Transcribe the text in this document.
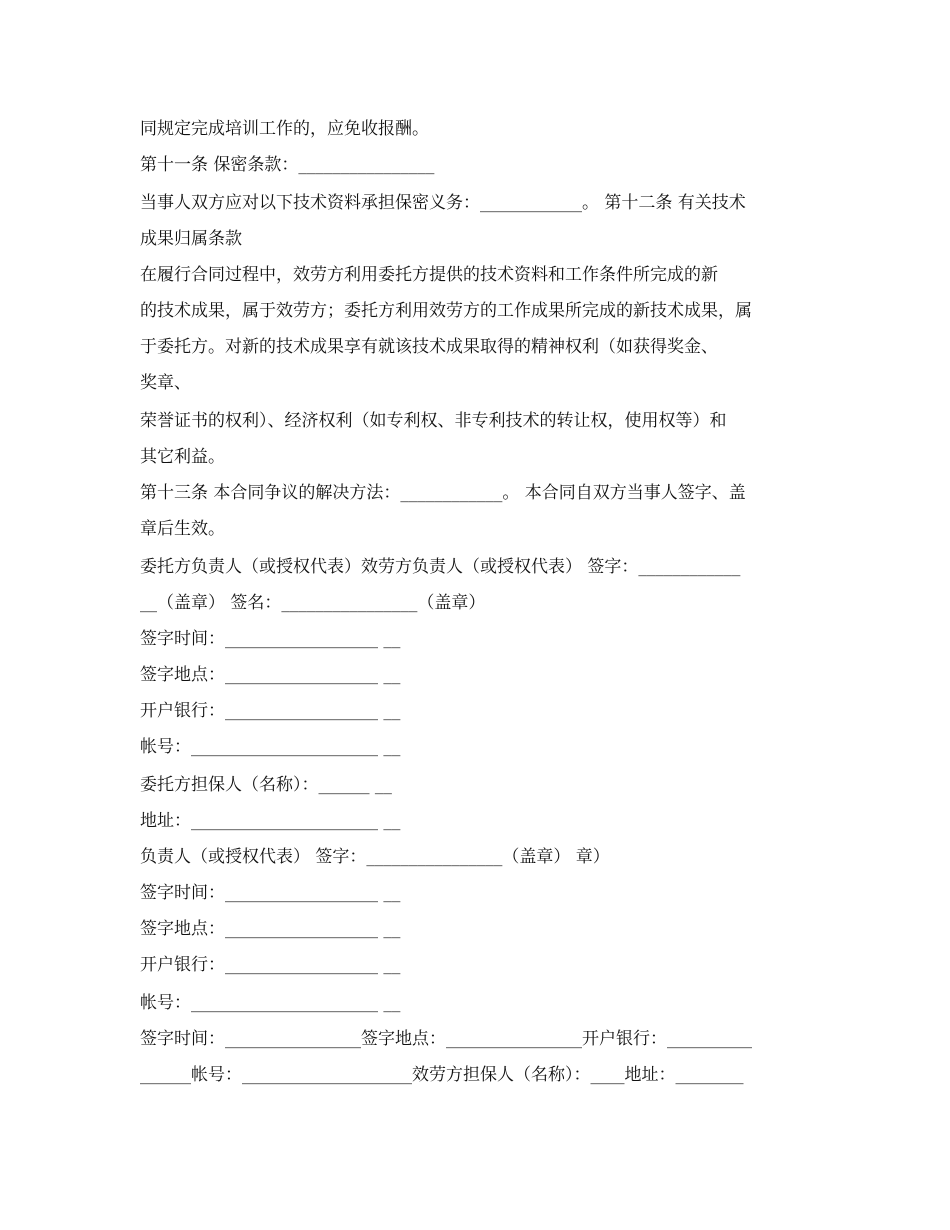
同规定完成培训工作的，应免收报酬。
第十一条 保密条款：________________
当事人双方应对以下技术资料承担保密义务：____________。 第十二条 有关技术
成果归属条款
在履行合同过程中，效劳方利用委托方提供的技术资料和工作条件所完成的新
的技术成果，属于效劳方；委托方利用效劳方的工作成果所完成的新技术成果，属
于委托方。对新的技术成果享有就该技术成果取得的精神权利（如获得奖金、
奖章、
荣誉证书的权利）、经济权利（如专利权、非专利技术的转让权，使用权等）和
其它利益。
第十三条 本合同争议的解决方法：____________。 本合同自双方当事人签字、盖
章后生效。
委托方负责人（或授权代表）效劳方负责人（或授权代表） 签字：____________
__（盖章） 签名：________________（盖章）
签字时间：__________________ __
签字地点：__________________ __
开户银行：__________________ __
帐号：______________________ __
委托方担保人（名称）：______ __
地址：______________________ __
负责人（或授权代表） 签字：________________（盖章） 章）
签字时间：__________________ __
签字地点：__________________ __
开户银行：__________________ __
帐号：______________________ __
签字时间：________________签字地点：________________开户银行：__________
______帐号：____________________效劳方担保人（名称）：____地址：________
